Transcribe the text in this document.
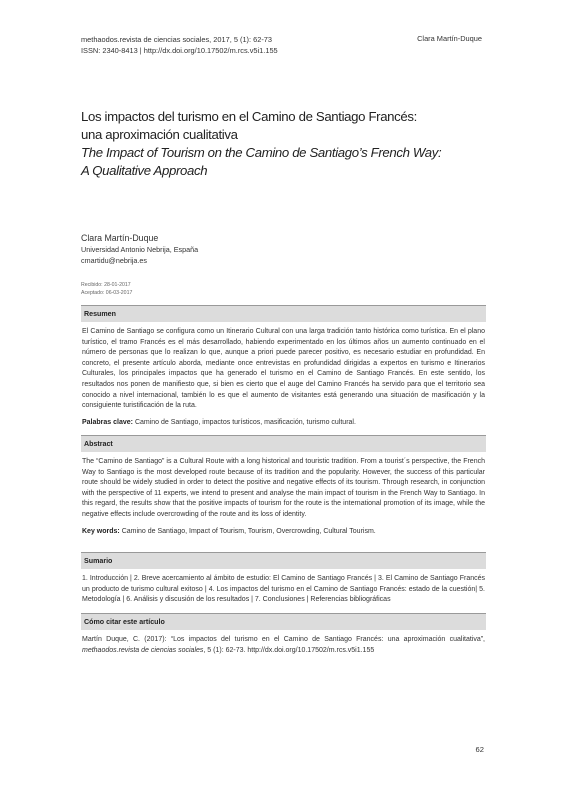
methaodos.revista de ciencias sociales, 2017, 5 (1): 62-73
ISSN: 2340-8413 | http://dx.doi.org/10.17502/m.rcs.v5i1.155
Clara Martín-Duque
Los impactos del turismo en el Camino de Santiago Francés:
una aproximación cualitativa
The Impact of Tourism on the Camino de Santiago’s French Way:
A Qualitative Approach
Clara Martín-Duque
Universidad Antonio Nebrija, España
cmartidu@nebrija.es
Recibido: 28-01-2017
Aceptado: 06-03-2017
Resumen
El Camino de Santiago se configura como un Itinerario Cultural con una larga tradición tanto histórica como turística. En el plano turístico, el tramo Francés es el más desarrollado, habiendo experimentado en los últimos años un aumento continuado en el número de personas que lo realizan lo que, aunque a priori puede parecer positivo, es necesario estudiar en profundidad. En concreto, el presente artículo aborda, mediante once entrevistas en profundidad dirigidas a expertos en turismo e Itinerarios Culturales, los principales impactos que ha generado el turismo en el Camino de Santiago Francés. En este sentido, los resultados nos ponen de manifiesto que, si bien es cierto que el auge del Camino Francés ha servido para que el territorio sea conocido a nivel internacional, también lo es que el aumento de visitantes está generando una situación de masificación y la consiguiente turistificación de la ruta.
Palabras clave: Camino de Santiago, impactos turísticos, masificación, turismo cultural.
Abstract
The “Camino de Santiago” is a Cultural Route with a long historical and touristic tradition. From a tourist´s perspective, the French Way to Santiago is the most developed route because of its tradition and the popularity. However, the success of this particular route should be widely studied in order to detect the positive and negative effects of its tourism. Through research, in conjunction with the perspective of 11 experts, we intend to present and analyse the main impact of tourism in the French Way to Santiago. In this regard, the results show that the positive impacts of tourism for the route is the international promotion of its image, while the negative effects include overcrowding of the route and its loss of identity.
Key words: Camino de Santiago, Impact of Tourism, Tourism, Overcrowding, Cultural Tourism.
Sumario
1. Introducción | 2. Breve acercamiento al ámbito de estudio: El Camino de Santiago Francés | 3. El Camino de Santiago Francés un producto de turismo cultural exitoso | 4. Los impactos del turismo en el Camino de Santiago Francés: estado de la cuestión| 5. Metodología | 6. Análisis y discusión de los resultados | 7. Conclusiones | Referencias bibliográficas
Cómo citar este artículo
Martín Duque, C. (2017): “Los impactos del turismo en el Camino de Santiago Francés: una aproximación cualitativa”, methaodos.revista de ciencias sociales, 5 (1): 62-73. http://dx.doi.org/10.17502/m.rcs.v5i1.155
62
